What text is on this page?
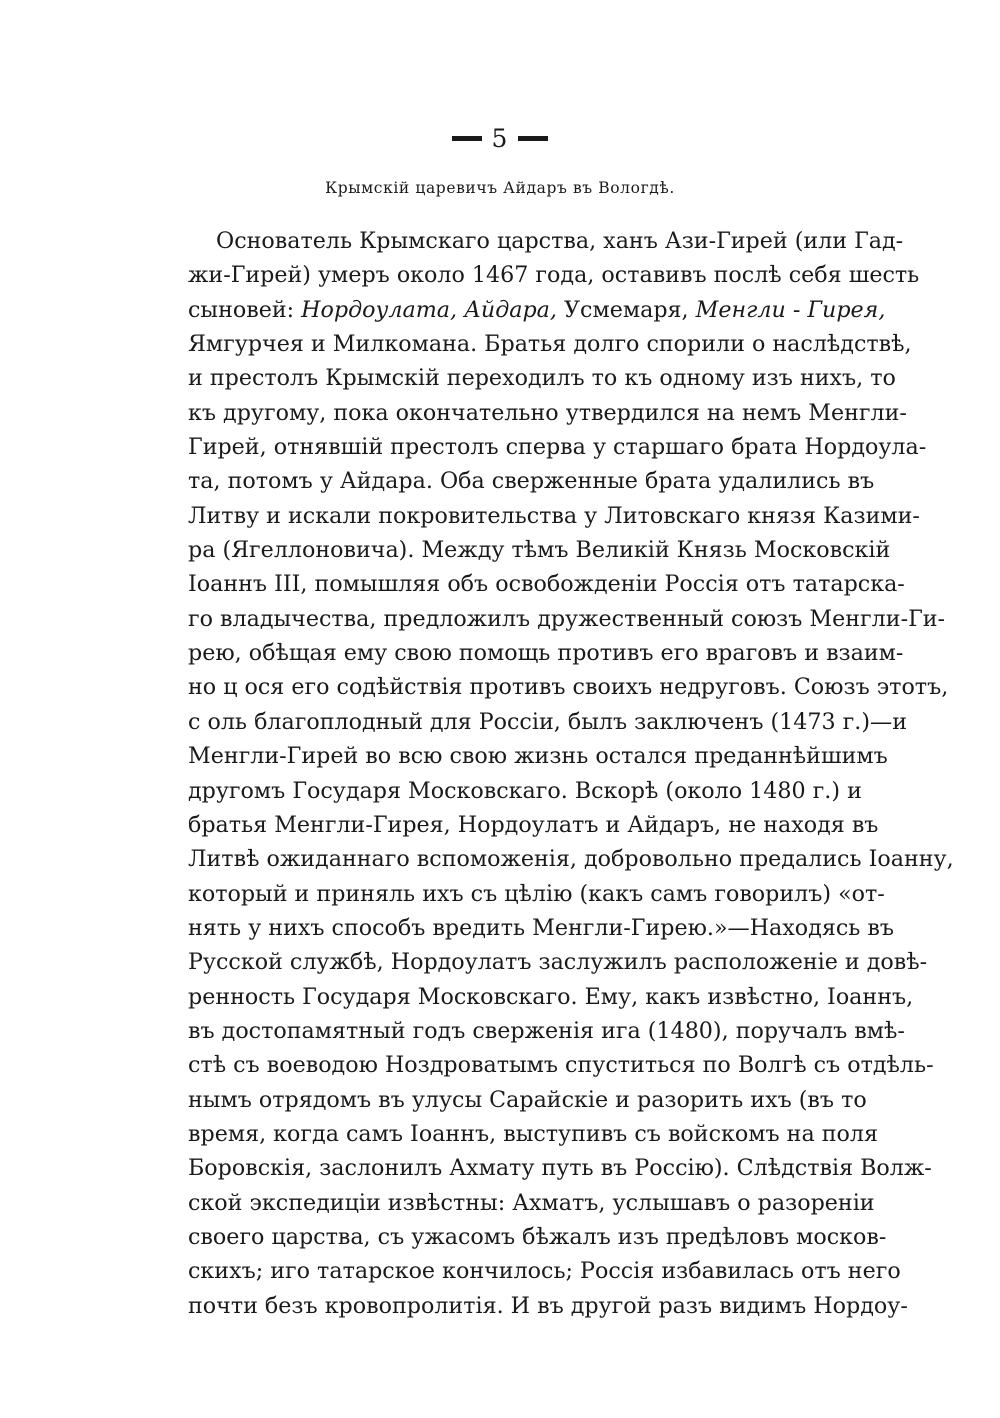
5
Крымскій царевичъ Айдаръ въ Вологдѣ.
Основатель Крымскаго царства, ханъ Ази-Гирей (или Гад-
жи-Гирей) умеръ около 1467 года, оставивъ послѣ себя шесть
сыновей: Нордоулата, Айдара, Усмемаря, Менгли - Гирея,
Ямгурчея и Милкомана. Братья долго спорили о наслѣдствѣ,
и престолъ Крымскій переходилъ то къ одному изъ нихъ, то
къ другому, пока окончательно утвердился на немъ Менгли-
Гирей, отнявшій престолъ сперва у старшаго брата Нордоула-
та, потомъ у Айдара. Оба сверженные брата удалились въ
Литву и искали покровительства у Литовскаго князя Казими-
ра (Ягеллоновича). Между тѣмъ Великій Князь Московскій
Іоаннъ III, помышляя объ освобожденіи Россія отъ татарска-
го владычества, предложилъ дружественный союзъ Менгли-Ги-
рею, обѣщая ему свою помощь противъ его враговъ и взаим-
но ц ося его содѣйствія противъ своихъ недруговъ. Союзъ этотъ,
с оль благоплодный для Россіи, былъ заключенъ (1473 г.)—и
Менгли-Гирей во всю свою жизнь остался преданнѣйшимъ
другомъ Государя Московскаго. Вскорѣ (около 1480 г.) и
братья Менгли-Гирея, Нордоулатъ и Айдаръ, не находя въ
Литвѣ ожиданнаго вспоможенія, добровольно предались Іоанну,
который и приняль ихъ съ цѣлію (какъ самъ говорилъ) «от-
нять у нихъ способъ вредить Менгли-Гирею.»—Находясь въ
Русской службѣ, Нордоулатъ заслужилъ расположеніе и довѣ-
ренность Государя Московскаго. Ему, какъ извѣстно, Іоаннъ,
въ достопамятный годъ сверженія ига (1480), поручалъ вмѣ-
стѣ съ воеводою Ноздроватымъ спуститься по Волгѣ съ отдѣль-
нымъ отрядомъ въ улусы Сарайскіе и разорить ихъ (въ то
время, когда самъ Іоаннъ, выступивъ съ войскомъ на поля
Боровскія, заслонилъ Ахмату путь въ Россію). Слѣдствія Волж-
ской экспедиціи извѣстны: Ахматъ, услышавъ о разореніи
своего царства, съ ужасомъ бѣжалъ изъ предѣловъ москов-
скихъ; иго татарское кончилось; Россія избавилась отъ него
почти безъ кровопролитія. И въ другой разъ видимъ Нордоу-
